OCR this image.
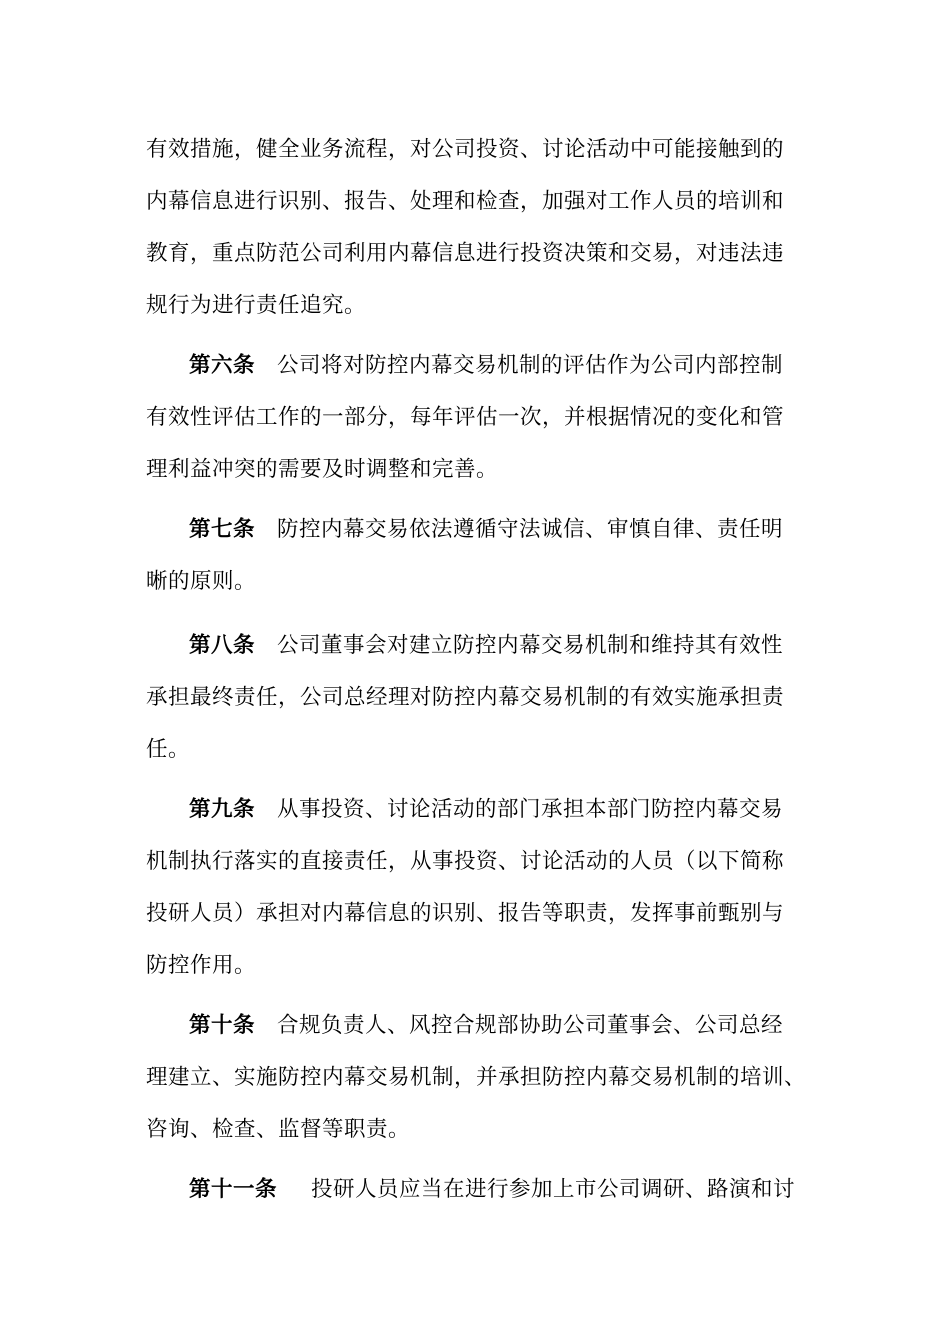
有效措施，健全业务流程，对公司投资、讨论活动中可能接触到的
内幕信息进行识别、报告、处理和检查，加强对工作人员的培训和
教育，重点防范公司利用内幕信息进行投资决策和交易，对违法违
规行为进行责任追究。
第六条 公司将对防控内幕交易机制的评估作为公司内部控制
有效性评估工作的一部分，每年评估一次，并根据情况的变化和管
理利益冲突的需要及时调整和完善。
第七条 防控内幕交易依法遵循守法诚信、审慎自律、责任明
晰的原则。
第八条 公司董事会对建立防控内幕交易机制和维持其有效性
承担最终责任，公司总经理对防控内幕交易机制的有效实施承担责
任。
第九条 从事投资、讨论活动的部门承担本部门防控内幕交易
机制执行落实的直接责任，从事投资、讨论活动的人员（以下简称
投研人员）承担对内幕信息的识别、报告等职责，发挥事前甄别与
防控作用。
第十条 合规负责人、风控合规部协助公司董事会、公司总经
理建立、实施防控内幕交易机制，并承担防控内幕交易机制的培训、
咨询、检查、监督等职责。
第十一条 投研人员应当在进行参加上市公司调研、路演和讨
